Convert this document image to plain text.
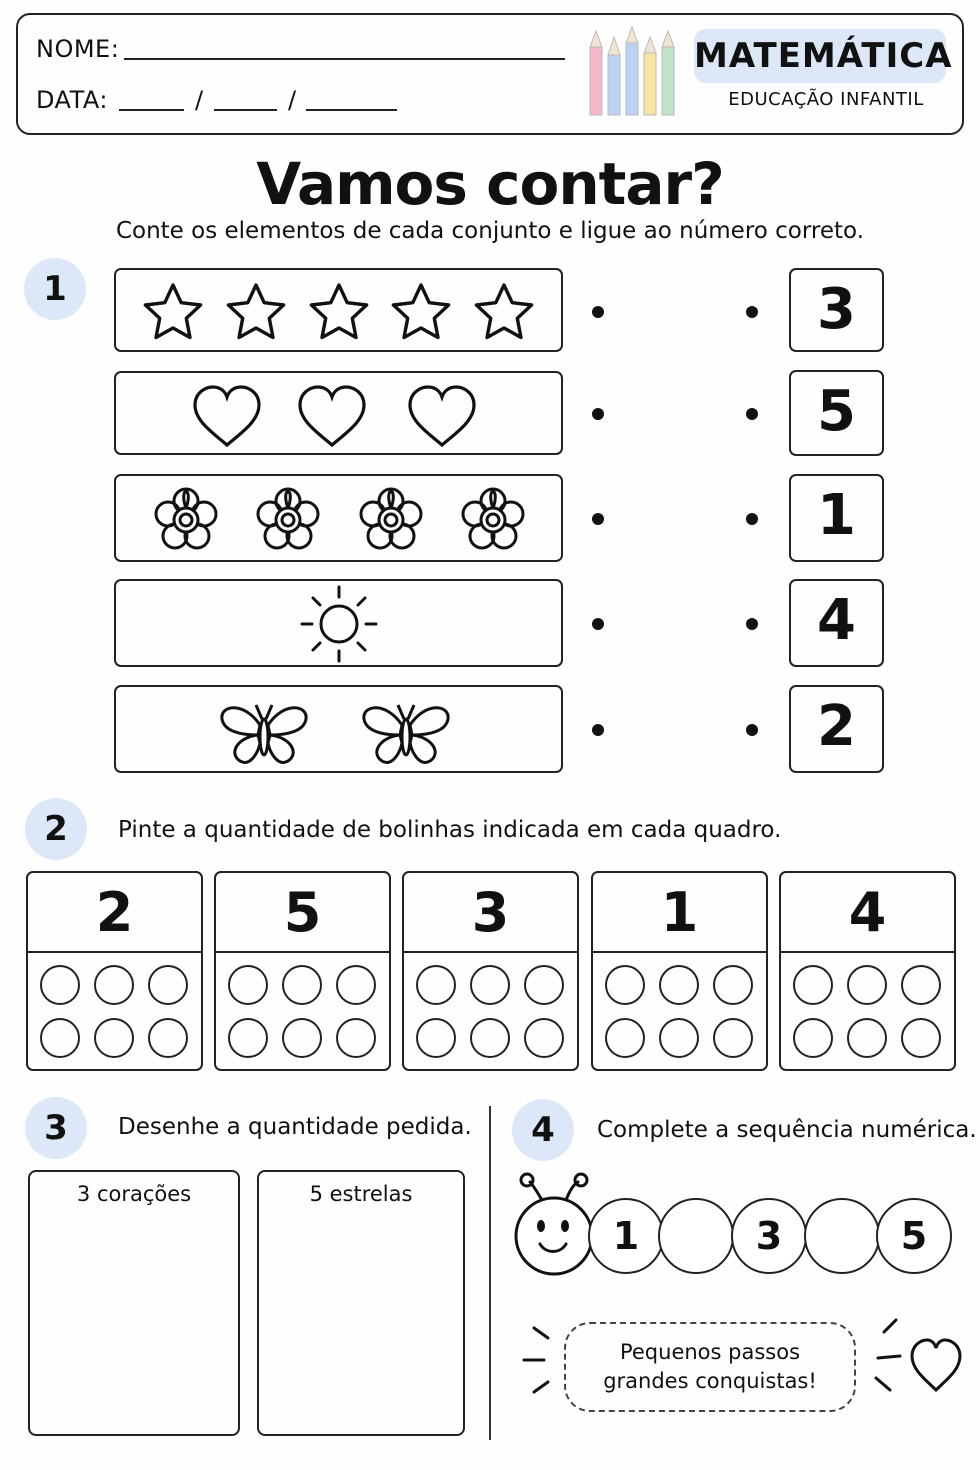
NOME:
DATA:	/	/
MATEMÁTICA
EDUCAÇÃO INFANTIL
Vamos contar?
Conte os elementos de cada conjunto e ligue ao número correto.
1	3
5
1
4
2
2	Pinte a quantidade de bolinhas indicada em cada quadro.
2	5	3	1	4
3	Desenhe a quantidade pedida.
3 corações	5 estrelas
4	Complete a sequência numérica.
1	3	5
Pequenos passos
grandes conquistas!
